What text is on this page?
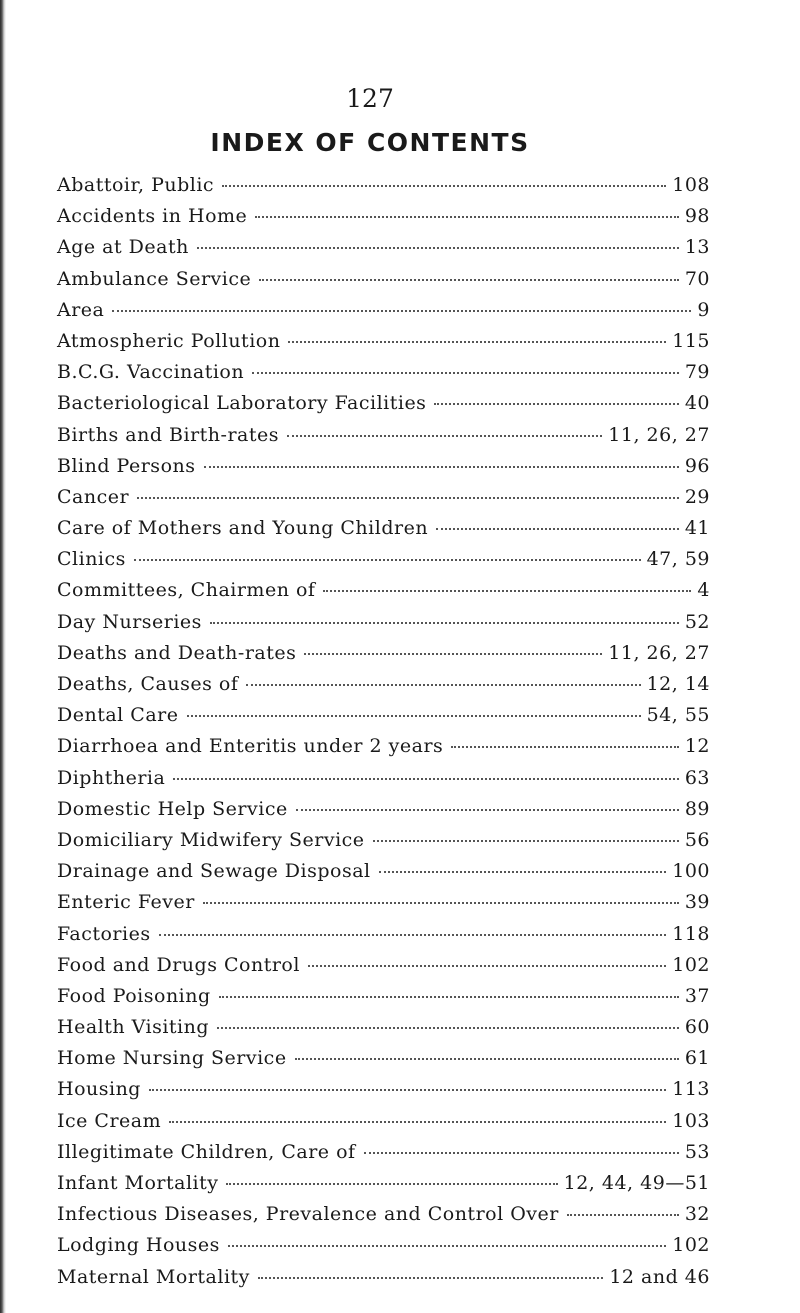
127
INDEX OF CONTENTS
Abattoir, Public	108
Accidents in Home	98
Age at Death	13
Ambulance Service	70
Area	9
Atmospheric Pollution	115
B.C.G. Vaccination	79
Bacteriological Laboratory Facilities	40
Births and Birth-rates	11, 26, 27
Blind Persons	96
Cancer	29
Care of Mothers and Young Children	41
Clinics	47, 59
Committees, Chairmen of	4
Day Nurseries	52
Deaths and Death-rates	11, 26, 27
Deaths, Causes of	12, 14
Dental Care	54, 55
Diarrhoea and Enteritis under 2 years	12
Diphtheria	63
Domestic Help Service	89
Domiciliary Midwifery Service	56
Drainage and Sewage Disposal	100
Enteric Fever	39
Factories	118
Food and Drugs Control	102
Food Poisoning	37
Health Visiting	60
Home Nursing Service	61
Housing	113
Ice Cream	103
Illegitimate Children, Care of	53
Infant Mortality	12, 44, 49—51
Infectious Diseases, Prevalence and Control Over	32
Lodging Houses	102
Maternal Mortality	12 and 46
